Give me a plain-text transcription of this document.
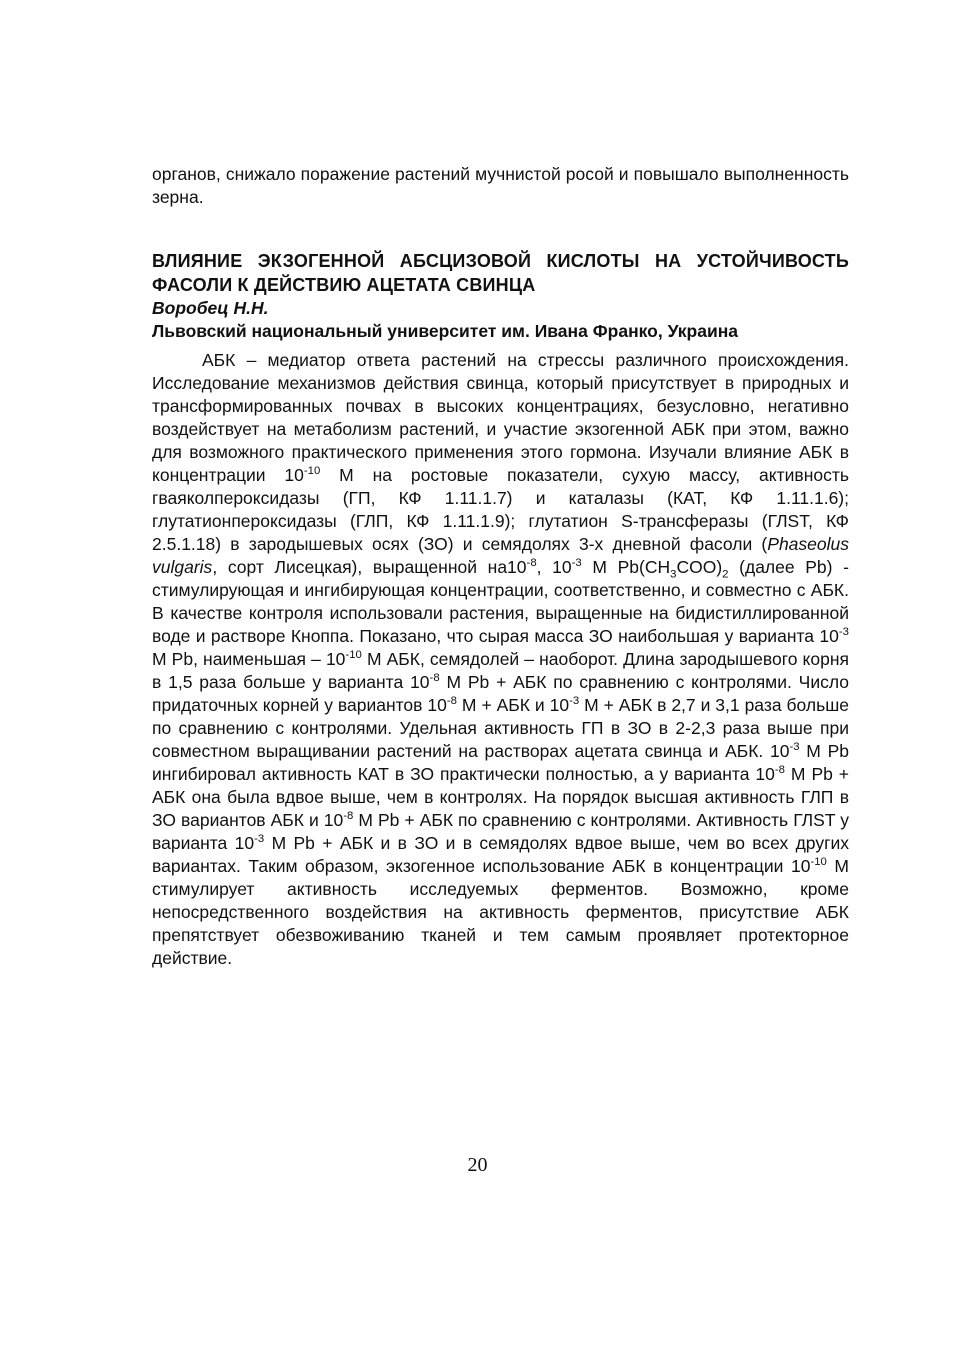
органов, снижало поражение растений мучнистой росой и повышало выполненность зерна.

ВЛИЯНИЕ ЭКЗОГЕННОЙ АБСЦИЗОВОЙ КИСЛОТЫ НА УСТОЙЧИВОСТЬ ФАСОЛИ К ДЕЙСТВИЮ АЦЕТАТА СВИНЦА

Воробец Н.Н.

Львовский национальный университет им. Ивана Франко, Украина

АБК – медиатор ответа растений на стрессы различного происхождения. Исследование механизмов действия свинца, который присутствует в природных и трансформированных почвах в высоких концентрациях, безусловно, негативно воздействует на метаболизм растений, и участие экзогенной АБК при этом, важно для возможного практического применения этого гормона. Изучали влияние АБК в концентрации $10^{-10}$ М на ростовые показатели, сухую массу, активность гваяколпероксидазы (ГП, КФ 1.11.1.7) и каталазы (КАТ, КФ 1.11.1.6); глутатионпероксидазы (ГЛП, КФ 1.11.1.9); глутатион S-трансферазы (ГЛST, КФ 2.5.1.18) в зародышевых осях (ЗО) и семядолях 3-х дневной фасоли (Phaseolus vulgaris, сорт Лисецкая), выращенной $на10^{-8}$, $10^{-3}$ М $Pb(CH_3COO)_2$ (далее Pb) - стимулирующая и ингибирующая концентрации, соответственно, и совместно с АБК. В качестве контроля использовали растения, выращенные на бидистиллированной воде и растворе Кноппа. Показано, что сырая масса ЗО наибольшая у варианта $10^{-3}$ М Pb, наименьшая – $10^{-10}$ М АБК, семядолей – наоборот. Длина зародышевого корня в 1,5 раза больше у варианта $10^{-8}$ М Pb + АБК по сравнению с контролями. Число придаточных корней у вариантов $10^{-8}$ М + АБК и $10^{-3}$ М + АБК в 2,7 и 3,1 раза больше по сравнению с контролями. Удельная активность ГП в ЗО в 2-2,3 раза выше при совместном выращивании растений на растворах ацетата свинца и АБК. $10^{-3}$ М Pb ингибировал активность КАТ в ЗО практически полностью, а у варианта $10^{-8}$ М Pb + АБК она была вдвое выше, чем в контролях. На порядок высшая активность ГЛП в ЗО вариантов АБК и $10^{-8}$ М Pb + АБК по сравнению с контролями. Активность ГЛST у варианта $10^{-3}$ М Pb + АБК и в ЗО и в семядолях вдвое выше, чем во всех других вариантах. Таким образом, экзогенное использование АБК в концентрации $10^{-10}$ М стимулирует активность исследуемых ферментов. Возможно, кроме непосредственного воздействия на активность ферментов, присутствие АБК препятствует обезвоживанию тканей и тем самым проявляет протекторное действие.

20
